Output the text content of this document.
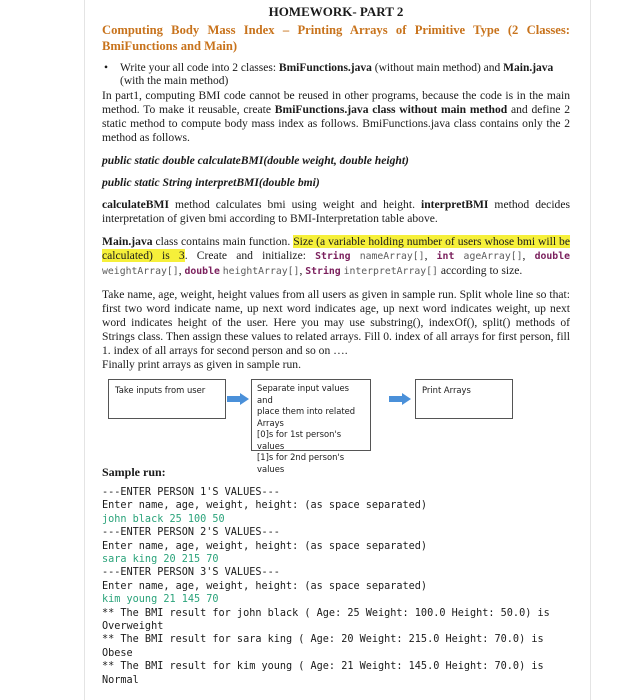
HOMEWORK- PART 2
Computing Body Mass Index – Printing Arrays of Primitive Type (2 Classes: BmiFunctions and Main)
•	Write your all code into 2 classes: BmiFunctions.java (without main method) and Main.java (with the main method)

In part1, computing BMI code cannot be reused in other programs, because the code is in the main method. To make it reusable, create BmiFunctions.java class without main method and define 2 static method to compute body mass index as follows. BmiFunctions.java class contains only the 2 method as follows.

public static double calculateBMI(double weight, double height)
public static String interpretBMI(double bmi)

calculateBMI method calculates bmi using weight and height. interpretBMI method decides interpretation of given bmi according to BMI-Interpretation table above.

Main.java class contains main function. Size (a variable holding number of users whose bmi will be calculated) is 3. Create and initialize: String nameArray[], int ageArray[], double weightArray[], double heightArray[], String interpretArray[] according to size.

Take name, age, weight, height values from all users as given in sample run. Split whole line so that: first two word indicate name, up next word indicates age, up next word indicates weight, up next word indicates height of the user. Here you may use substring(), indexOf(), split() methods of Strings class. Then assign these values to related arrays. Fill 0. index of all arrays for first person, fill 1. index of all arrays for second person and so on ….

Finally print arrays as given in sample run.

Take inputs from user	Separate input values and
place them into related
Arrays
[0]s for 1st person's values
[1]s for 2nd person's values
Print Arrays
Sample run:
---ENTER PERSON 1'S VALUES---
Enter name, age, weight, height: (as space separated)
john black 25 100 50
---ENTER PERSON 2'S VALUES---
Enter name, age, weight, height: (as space separated)
sara king 20 215 70
---ENTER PERSON 3'S VALUES---
Enter name, age, weight, height: (as space separated)
kim young 21 145 70
** The BMI result for john black ( Age: 25 Weight: 100.0 Height: 50.0) is
Overweight
** The BMI result for sara king ( Age: 20 Weight: 215.0 Height: 70.0) is
Obese
** The BMI result for kim young ( Age: 21 Weight: 145.0 Height: 70.0) is
Normal
